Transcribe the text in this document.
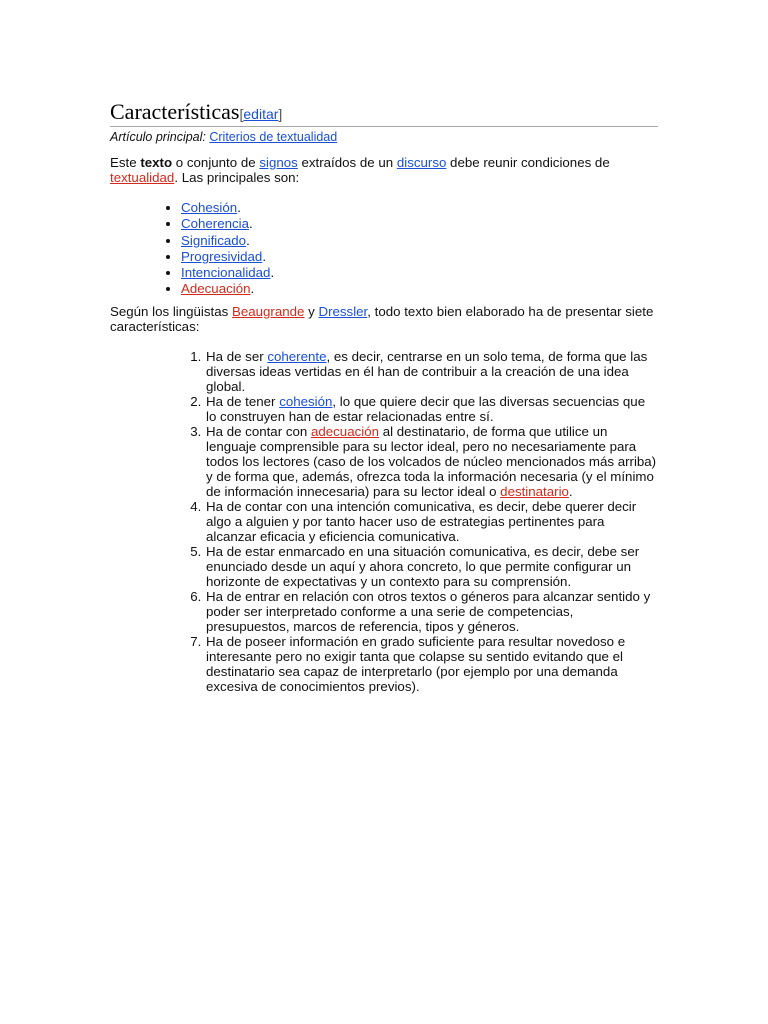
Características [ editar ]
Artículo principal: Criterios de textualidad
Este texto o conjunto de signos extraídos de un discurso debe reunir condiciones de textualidad. Las principales son:
• Cohesión.
• Coherencia.
• Significado.
• Progresividad.
• Intencionalidad.
• Adecuación.
Según los lingüistas Beaugrande y Dressler, todo texto bien elaborado ha de presentar siete características:
1. Ha de ser coherente, es decir, centrarse en un solo tema, de forma que las diversas ideas vertidas en él han de contribuir a la creación de una idea global.
2. Ha de tener cohesión, lo que quiere decir que las diversas secuencias que lo construyen han de estar relacionadas entre sí.
3. Ha de contar con adecuación al destinatario, de forma que utilice un lenguaje comprensible para su lector ideal, pero no necesariamente para todos los lectores (caso de los volcados de núcleo mencionados más arriba) y de forma que, además, ofrezca toda la información necesaria (y el mínimo de información innecesaria) para su lector ideal o destinatario.
4. Ha de contar con una intención comunicativa, es decir, debe querer decir algo a alguien y por tanto hacer uso de estrategias pertinentes para alcanzar eficacia y eficiencia comunicativa.
5. Ha de estar enmarcado en una situación comunicativa, es decir, debe ser enunciado desde un aquí y ahora concreto, lo que permite configurar un horizonte de expectativas y un contexto para su comprensión.
6. Ha de entrar en relación con otros textos o géneros para alcanzar sentido y poder ser interpretado conforme a una serie de competencias, presupuestos, marcos de referencia, tipos y géneros.
7. Ha de poseer información en grado suficiente para resultar novedoso e interesante pero no exigir tanta que colapse su sentido evitando que el destinatario sea capaz de interpretarlo (por ejemplo por una demanda excesiva de conocimientos previos).
